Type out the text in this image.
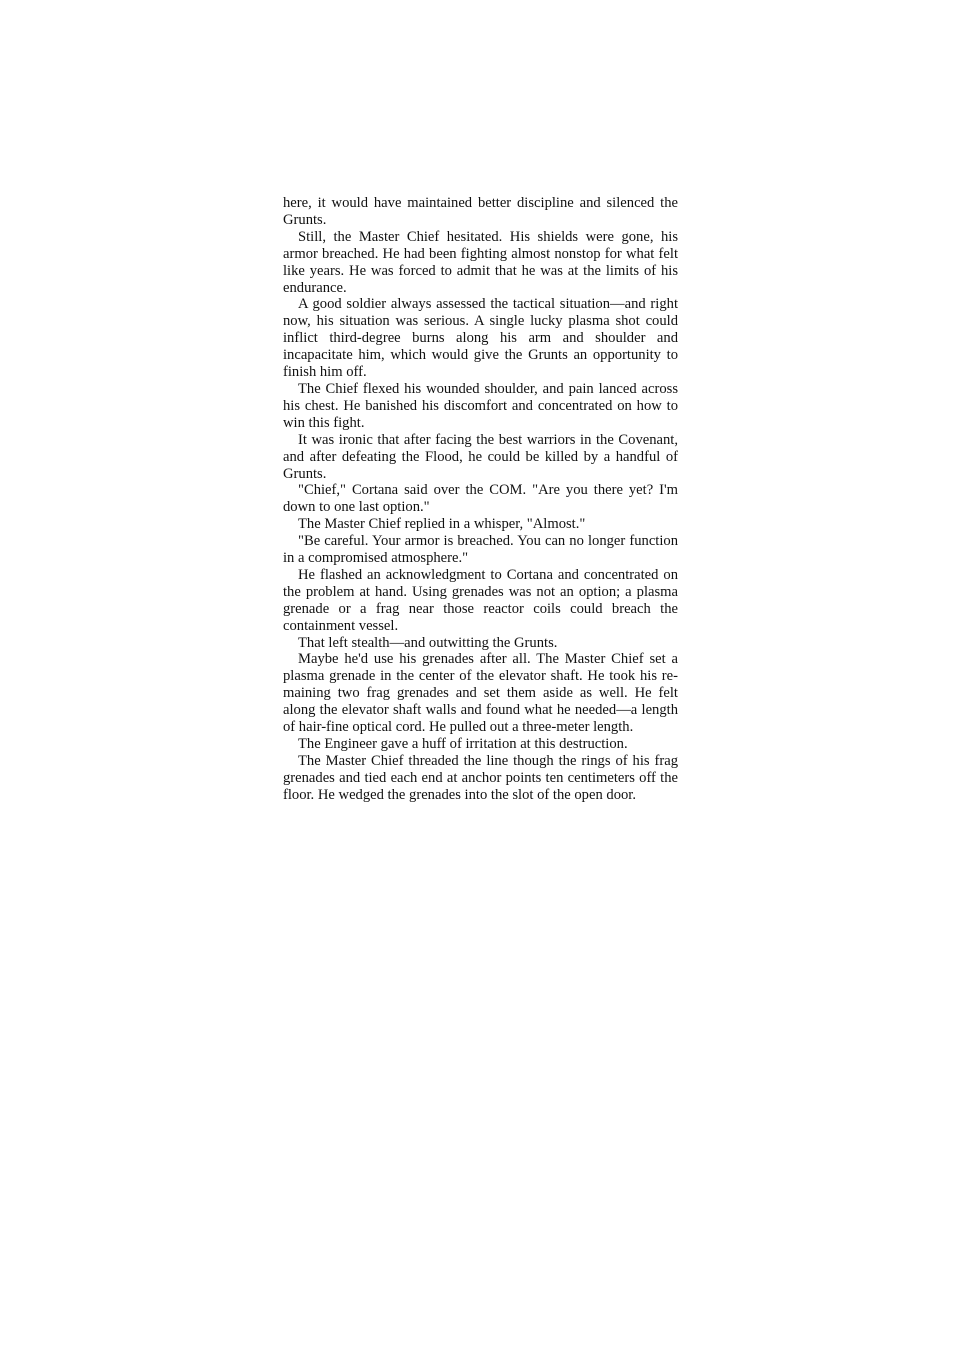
here, it would have maintained better discipline and silenced the Grunts.

Still, the Master Chief hesitated. His shields were gone, his armor breached. He had been fighting almost nonstop for what felt like years. He was forced to admit that he was at the limits of his endurance.

A good soldier always assessed the tactical situation—and right now, his situation was serious. A single lucky plasma shot could inflict third-degree burns along his arm and shoulder and incapacitate him, which would give the Grunts an opportunity to finish him off.

The Chief flexed his wounded shoulder, and pain lanced across his chest. He banished his discomfort and concentrated on how to win this fight.

It was ironic that after facing the best warriors in the Covenant, and after defeating the Flood, he could be killed by a handful of Grunts.

"Chief," Cortana said over the COM. "Are you there yet? I'm down to one last option."

The Master Chief replied in a whisper, "Almost."

"Be careful. Your armor is breached. You can no longer function in a compromised atmosphere."

He flashed an acknowledgment to Cortana and concentrated on the problem at hand. Using grenades was not an option; a plasma grenade or a frag near those reactor coils could breach the containment vessel.

That left stealth—and outwitting the Grunts.

Maybe he'd use his grenades after all. The Master Chief set a plasma grenade in the center of the elevator shaft. He took his remaining two frag grenades and set them aside as well. He felt along the elevator shaft walls and found what he needed—a length of hair-fine optical cord. He pulled out a three-meter length.

The Engineer gave a huff of irritation at this destruction.

The Master Chief threaded the line though the rings of his frag grenades and tied each end at anchor points ten centimeters off the floor. He wedged the grenades into the slot of the open door.
